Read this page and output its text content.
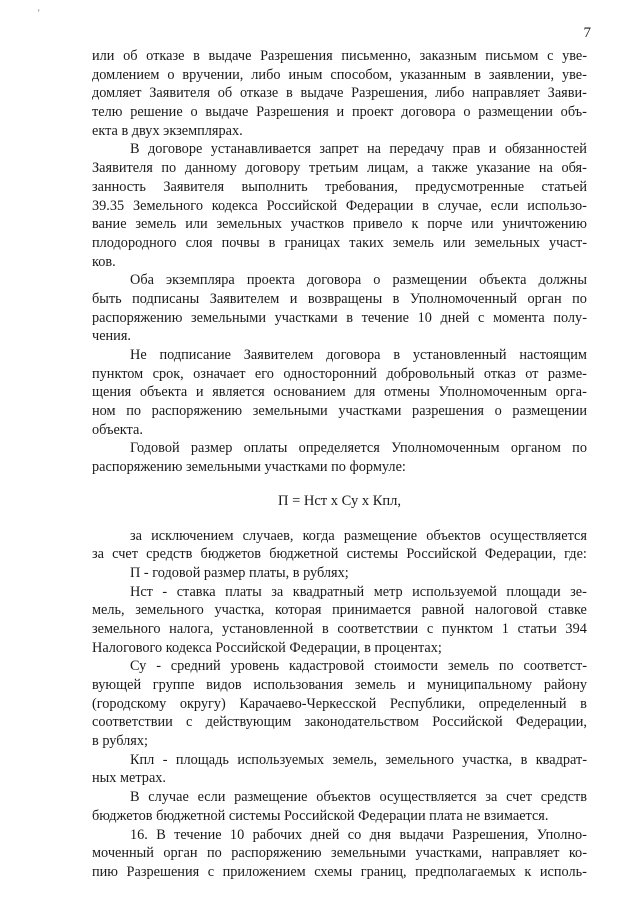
'
7
или об отказе в выдаче Разрешения письменно, заказным письмом с уве-
домлением о вручении, либо иным способом, указанным в заявлении, уве-
домляет Заявителя об отказе в выдаче Разрешения, либо направляет Заяви-
телю решение о выдаче Разрешения и проект договора о размещении объ-
екта в двух экземплярах.
В договоре устанавливается запрет на передачу прав и обязанностей
Заявителя по данному договору третьим лицам, а также указание на обя-
занность Заявителя выполнить требования, предусмотренные статьей
39.35 Земельного кодекса Российской Федерации в случае, если использо-
вание земель или земельных участков привело к порче или уничтожению
плодородного слоя почвы в границах таких земель или земельных участ-
ков.
Оба экземпляра проекта договора о размещении объекта должны
быть подписаны Заявителем и возвращены в Уполномоченный орган по
распоряжению земельными участками в течение 10 дней с момента полу-
чения.
Не подписание Заявителем договора в установленный настоящим
пунктом срок, означает его односторонний добровольный отказ от разме-
щения объекта и является основанием для отмены Уполномоченным орга-
ном по распоряжению земельными участками разрешения о размещении
объекта.
Годовой размер оплаты определяется Уполномоченным органом по
распоряжению земельными участками по формуле:
П = Нст х Су х Кпл,
за исключением случаев, когда размещение объектов осуществляется
за счет средств бюджетов бюджетной системы Российской Федерации, где:
П - годовой размер платы, в рублях;
Нст - ставка платы за квадратный метр используемой площади зе-
мель, земельного участка, которая принимается равной налоговой ставке
земельного налога, установленной в соответствии с пунктом 1 статьи 394
Налогового кодекса Российской Федерации, в процентах;
Су - средний уровень кадастровой стоимости земель по соответст-
вующей группе видов использования земель и муниципальному району
(городскому округу) Карачаево-Черкесской Республики, определенный в
соответствии с действующим законодательством Российской Федерации,
в рублях;
Кпл - площадь используемых земель, земельного участка, в квадрат-
ных метрах.
В случае если размещение объектов осуществляется за счет средств
бюджетов бюджетной системы Российской Федерации плата не взимается.
16. В течение 10 рабочих дней со дня выдачи Разрешения, Уполно-
моченный орган по распоряжению земельными участками, направляет ко-
пию Разрешения с приложением схемы границ, предполагаемых к исполь-
